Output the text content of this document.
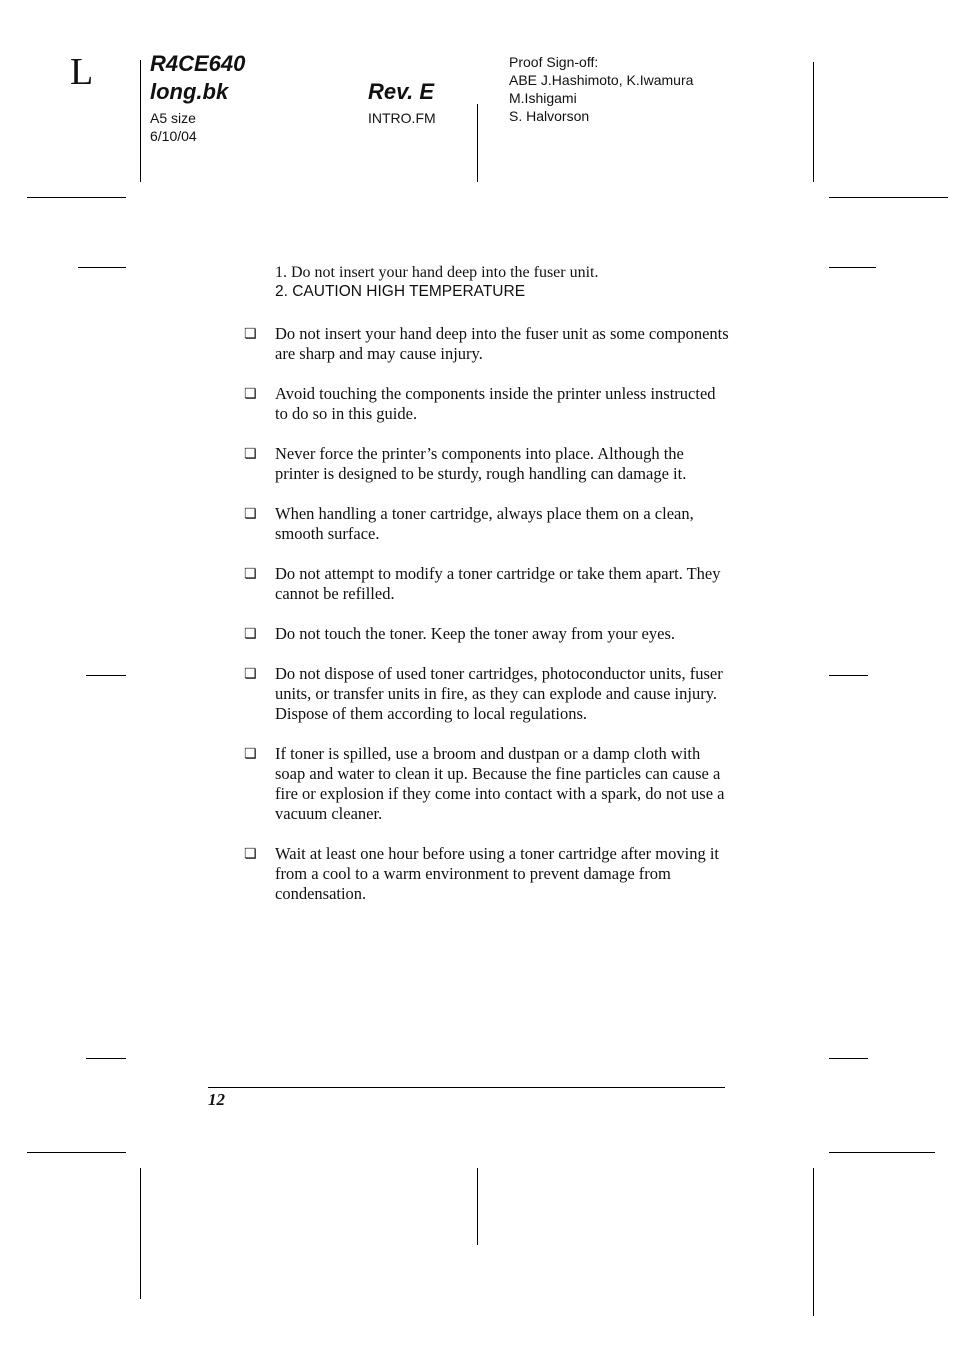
L	R4CE640
long.bk
A5 size
6/10/04
Rev. E
INTRO.FM
Proof Sign-off:
ABE J.Hashimoto, K.Iwamura
M.Ishigami
S. Halvorson
1. Do not insert your hand deep into the fuser unit.
2. CAUTION HIGH TEMPERATURE
❏	Do not insert your hand deep into the fuser unit as some components are sharp and may cause injury.
❏	Avoid touching the components inside the printer unless instructed to do so in this guide.
❏	Never force the printer’s components into place. Although the printer is designed to be sturdy, rough handling can damage it.
❏	When handling a toner cartridge, always place them on a clean, smooth surface.
❏	Do not attempt to modify a toner cartridge or take them apart. They cannot be refilled.
❏	Do not touch the toner. Keep the toner away from your eyes.
❏	Do not dispose of used toner cartridges, photoconductor units, fuser units, or transfer units in fire, as they can explode and cause injury. Dispose of them according to local regulations.
❏	If toner is spilled, use a broom and dustpan or a damp cloth with soap and water to clean it up. Because the fine particles can cause a fire or explosion if they come into contact with a spark, do not use a vacuum cleaner.
❏	Wait at least one hour before using a toner cartridge after moving it from a cool to a warm environment to prevent damage from condensation.
12
